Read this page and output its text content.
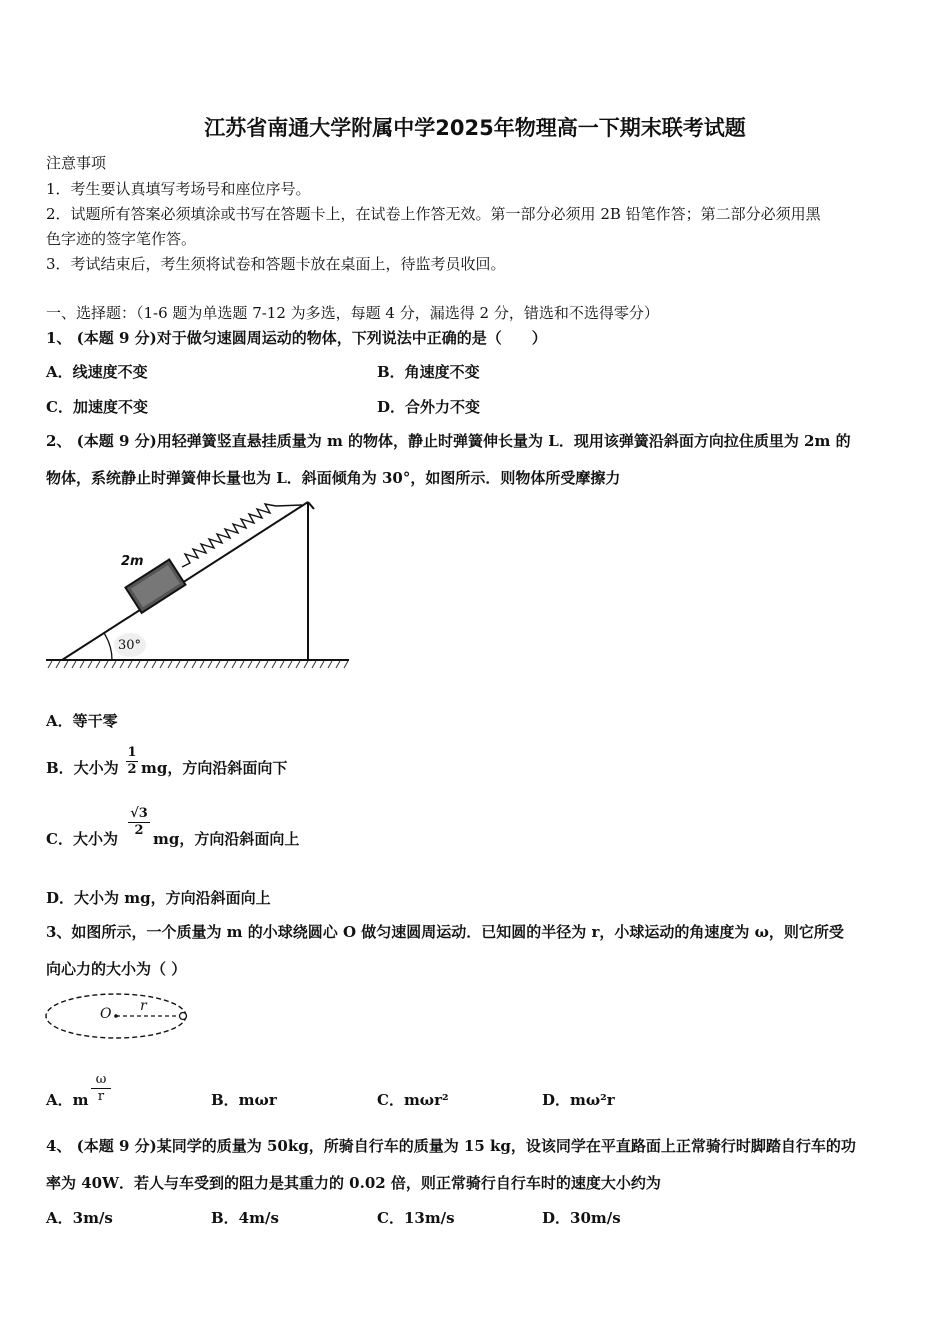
江苏省南通大学附属中学2025年物理高一下期末联考试题
注意事项
1．考生要认真填写考场号和座位序号。
2．试题所有答案必须填涂或书写在答题卡上，在试卷上作答无效。第一部分必须用 2B 铅笔作答；第二部分必须用黑
色字迹的签字笔作答。
3．考试结束后，考生须将试卷和答题卡放在桌面上，待监考员收回。
一、选择题：（1-6 题为单选题 7-12 为多选，每题 4 分，漏选得 2 分，错选和不选得零分）
1、 (本题 9 分)对于做匀速圆周运动的物体，下列说法中正确的是（　　）
A．线速度不变	B．角速度不变
C．加速度不变	D．合外力不变
2、 (本题 9 分)用轻弹簧竖直悬挂质量为 m 的物体，静止时弹簧伸长量为 L．现用该弹簧沿斜面方向拉住质里为 2m 的
物体，系统静止时弹簧伸长量也为 L．斜面倾角为 30°，如图所示．则物体所受摩擦力
2m
30°
A．等干零
B．大小为
1
2 mg，方向沿斜面向下
C．大小为
√3
2 mg，方向沿斜面向上
D．大小为 mg，方向沿斜面向上
3、如图所示，一个质量为 m 的小球绕圆心 O 做匀速圆周运动．已知圆的半径为 r，小球运动的角速度为 ω，则它所受
向心力的大小为（ ）
O r
A．m
ω
r	B．mωr	C．mωr²	D．mω²r
4、 (本题 9 分)某同学的质量为 50kg，所骑自行车的质量为 15 kg，设该同学在平直路面上正常骑行时脚踏自行车的功
率为 40W．若人与车受到的阻力是其重力的 0.02 倍，则正常骑行自行车时的速度大小约为
A．3m/s	B．4m/s	C．13m/s	D．30m/s
